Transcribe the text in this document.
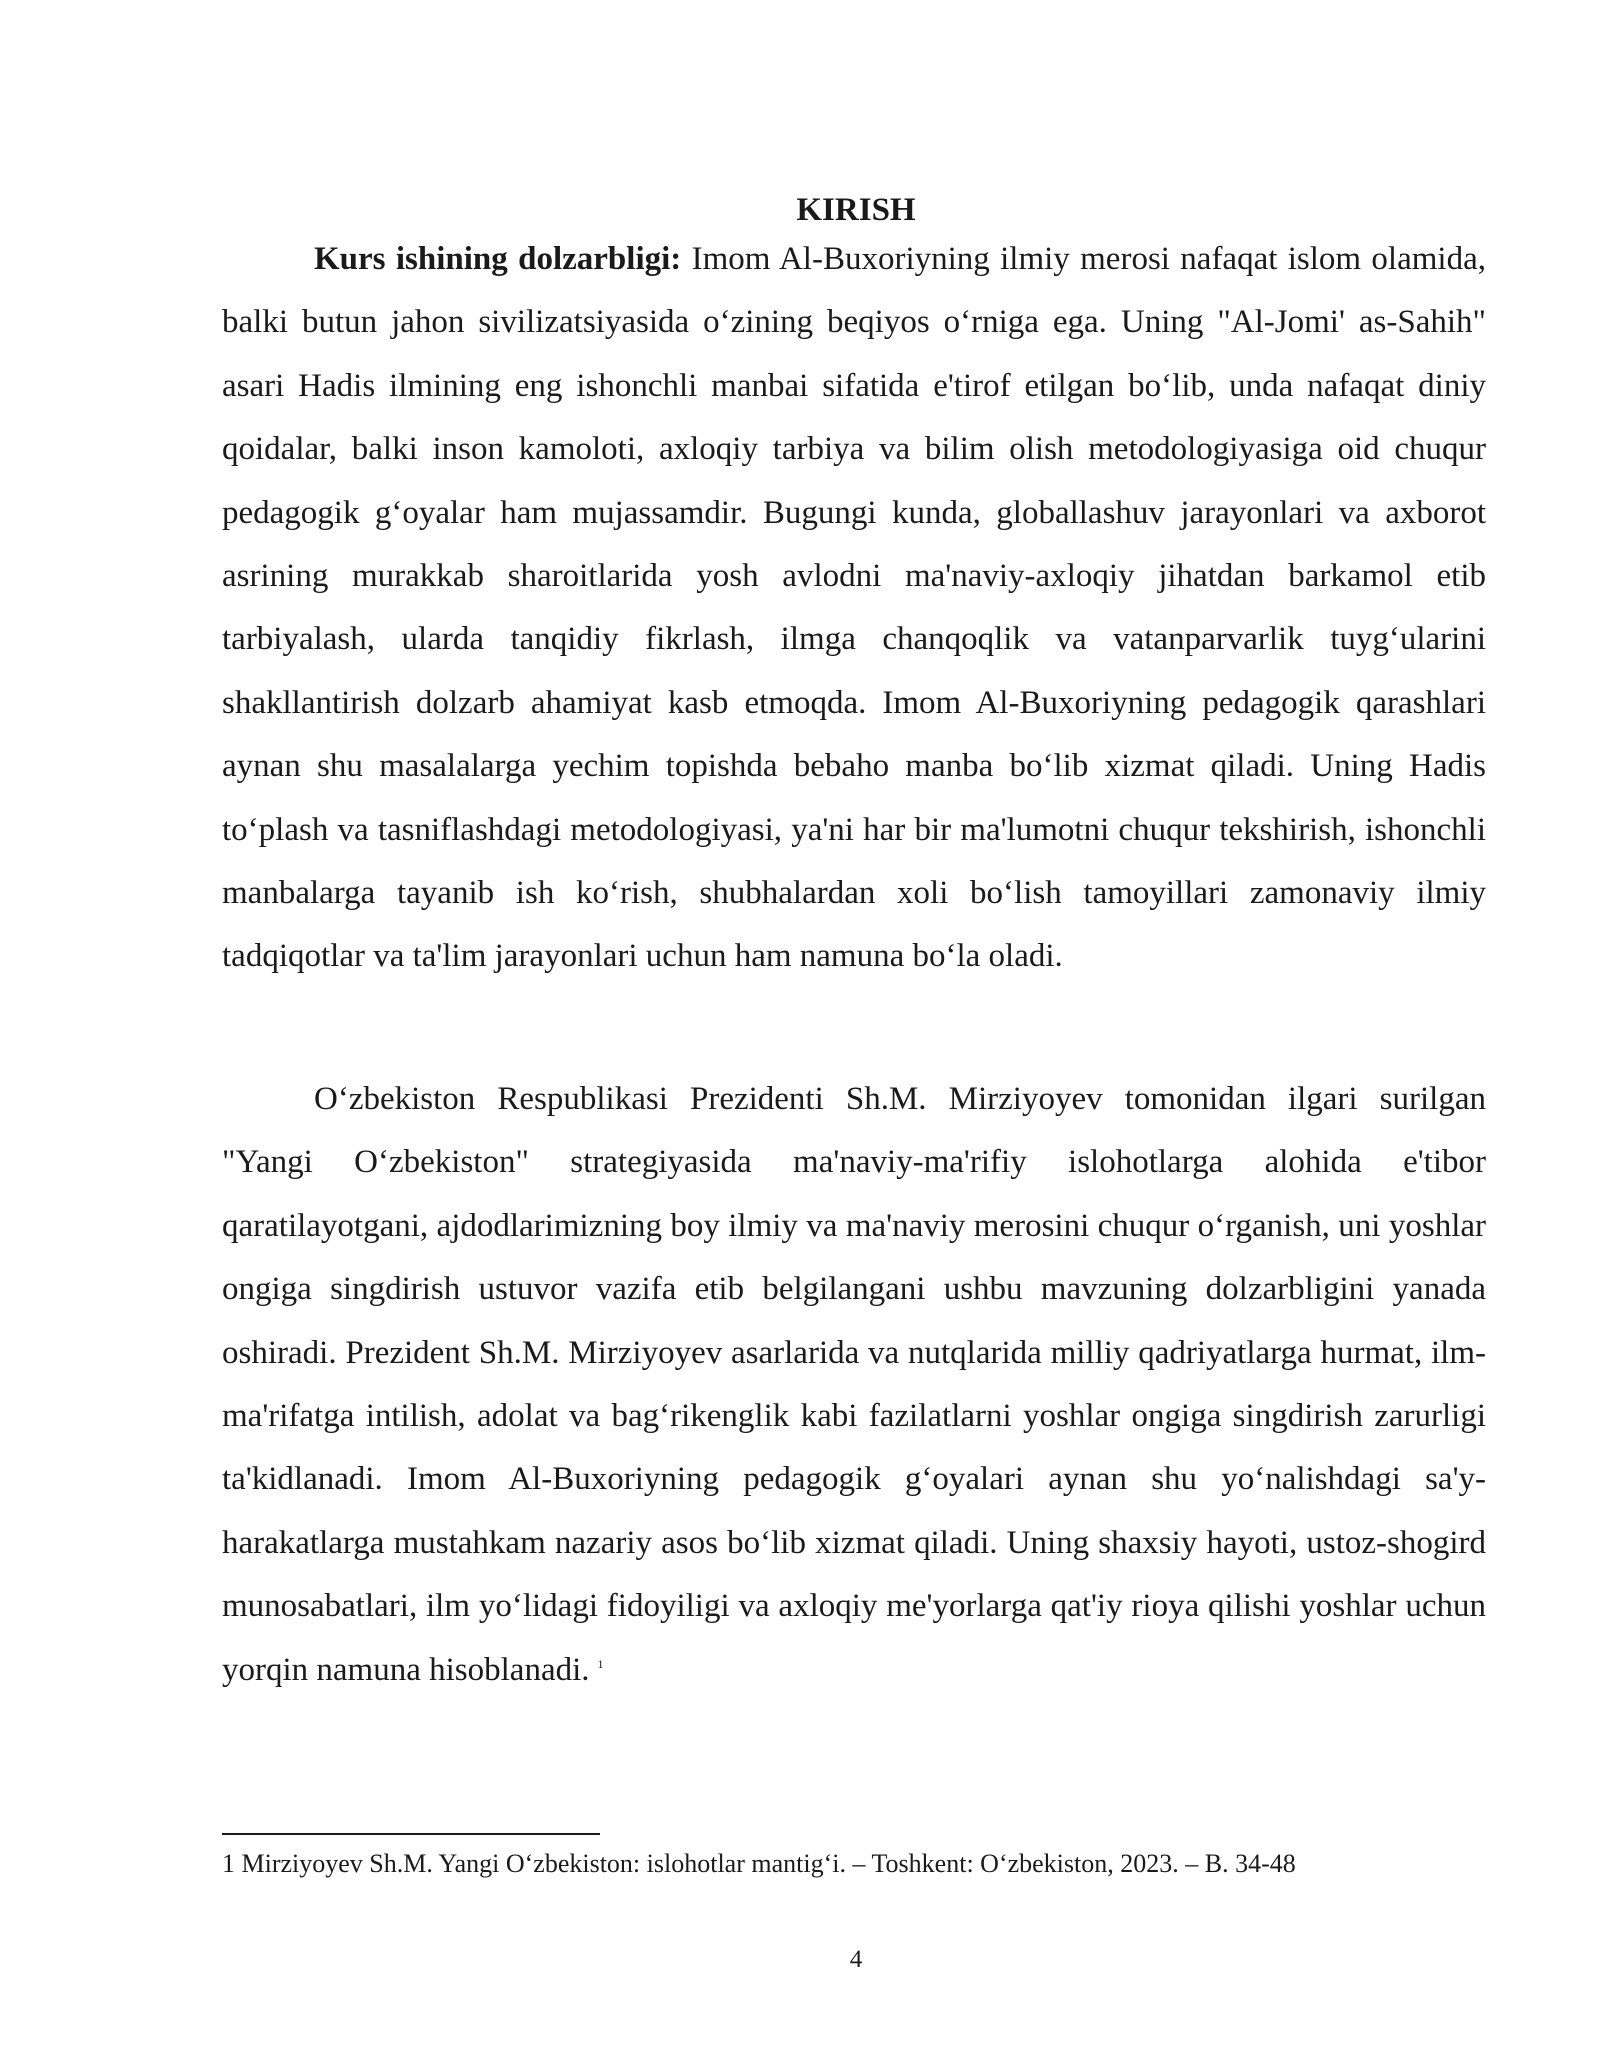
KIRISH

Kurs ishining dolzarbligi: Imom Al-Buxoriyning ilmiy merosi nafaqat islom olamida, balki butun jahon sivilizatsiyasida o‘zining beqiyos o‘rniga ega. Uning "Al-Jomi' as-Sahih" asari Hadis ilmining eng ishonchli manbai sifatida e'tirof etilgan bo‘lib, unda nafaqat diniy qoidalar, balki inson kamoloti, axloqiy tarbiya va bilim olish metodologiyasiga oid chuqur pedagogik g‘oyalar ham mujassamdir. Bugungi kunda, globallashuv jarayonlari va axborot asrining murakkab sharoitlarida yosh avlodni ma'naviy-axloqiy jihatdan barkamol etib tarbiyalash, ularda tanqidiy fikrlash, ilmga chanqoqlik va vatanparvarlik tuyg‘ularini shakllantirish dolzarb ahamiyat kasb etmoqda. Imom Al-Buxoriyning pedagogik qarashlari aynan shu masalalarga yechim topishda bebaho manba bo‘lib xizmat qiladi. Uning Hadis to‘plash va tasniflashdagi metodologiyasi, ya'ni har bir ma'lumotni chuqur tekshirish, ishonchli manbalarga tayanib ish ko‘rish, shubhalardan xoli bo‘lish tamoyillari zamonaviy ilmiy tadqiqotlar va ta'lim jarayonlari uchun ham namuna bo‘la oladi.

O‘zbekiston Respublikasi Prezidenti Sh.M. Mirziyoyev tomonidan ilgari surilgan "Yangi O‘zbekiston" strategiyasida ma'naviy-ma'rifiy islohotlarga alohida e'tibor qaratilayotgani, ajdodlarimizning boy ilmiy va ma'naviy merosini chuqur o‘rganish, uni yoshlar ongiga singdirish ustuvor vazifa etib belgilangani ushbu mavzuning dolzarbligini yanada oshiradi. Prezident Sh.M. Mirziyoyev asarlarida va nutqlarida milliy qadriyatlarga hurmat, ilm-ma'rifatga intilish, adolat va bag‘rikenglik kabi fazilatlarni yoshlar ongiga singdirish zarurligi ta'kidlanadi. Imom Al-Buxoriyning pedagogik g‘oyalari aynan shu yo‘nalishdagi sa'y-harakatlarga mustahkam nazariy asos bo‘lib xizmat qiladi. Uning shaxsiy hayoti, ustoz-shogird munosabatlari, ilm yo‘lidagi fidoyiligi va axloqiy me'yorlarga qat'iy rioya qilishi yoshlar uchun yorqin namuna hisoblanadi. $^1$

1 Mirziyoyev Sh.M. Yangi O‘zbekiston: islohotlar mantig‘i. – Toshkent: O‘zbekiston, 2023. – B. 34-48

4
